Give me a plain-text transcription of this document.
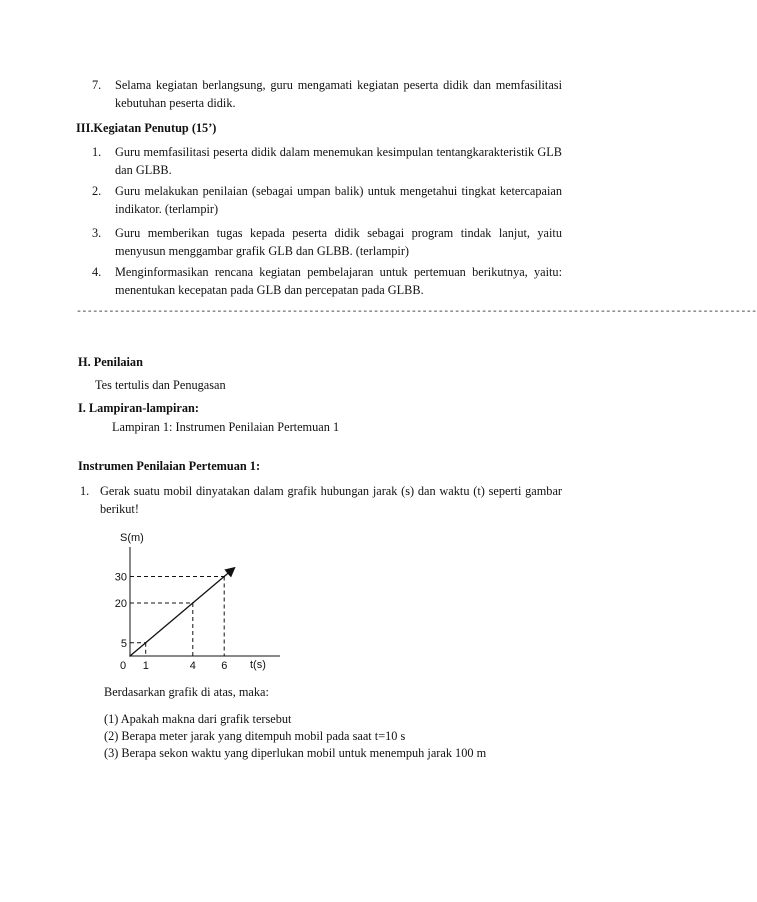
7. Selama kegiatan berlangsung, guru mengamati kegiatan peserta didik dan memfasilitasi kebutuhan peserta didik.
III.Kegiatan Penutup (15’)
1. Guru memfasilitasi peserta didik dalam menemukan kesimpulan tentangkarakteristik GLB dan GLBB.
2. Guru melakukan penilaian (sebagai umpan balik) untuk mengetahui tingkat ketercapaian indikator. (terlampir)
3. Guru memberikan tugas kepada peserta didik sebagai program tindak lanjut, yaitu menyusun menggambar grafik GLB dan GLBB. (terlampir)
4. Menginformasikan rencana kegiatan pembelajaran untuk pertemuan berikutnya, yaitu: menentukan kecepatan pada GLB dan percepatan pada GLBB.
------------------------------------------------------------------------------------------------------------------------------
H. Penilaian
Tes tertulis dan Penugasan
I. Lampiran-lampiran:
Lampiran 1: Instrumen Penilaian Pertemuan 1
Instrumen Penilaian Pertemuan 1:
1. Gerak suatu mobil dinyatakan dalam grafik hubungan jarak (s) dan waktu (t) seperti gambar berikut!
S(m)
t(s)
0 1	4 6
5
20
30
Berdasarkan grafik di atas, maka:
(1) Apakah makna dari grafik tersebut
(2) Berapa meter jarak yang ditempuh mobil pada saat t=10 s
(3) Berapa sekon waktu yang diperlukan mobil untuk menempuh jarak 100 m
